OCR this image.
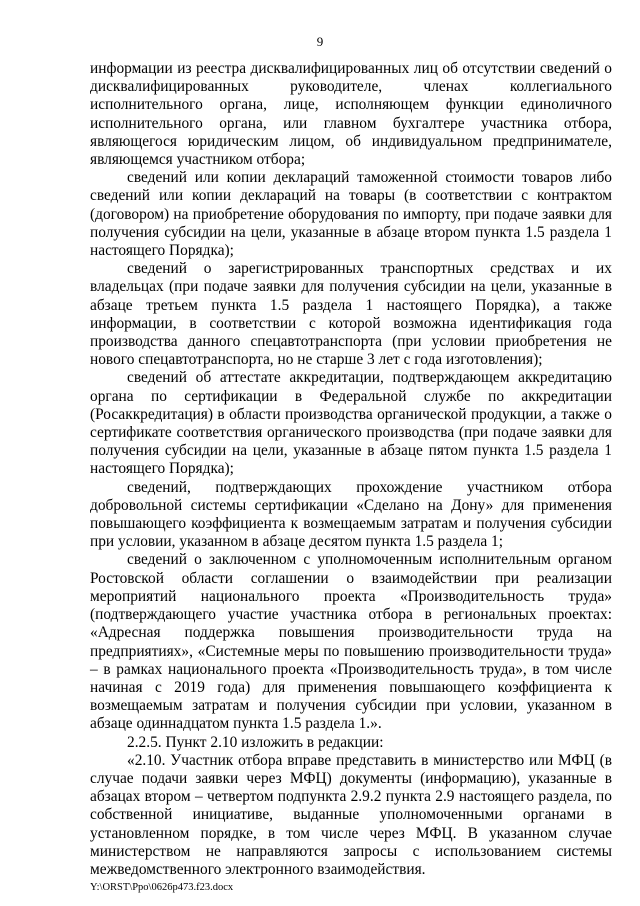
9

информации из реестра дисквалифицированных лиц об отсутствии сведений о дисквалифицированных руководителе, членах коллегиального исполнительного органа, лице, исполняющем функции единоличного исполнительного органа, или главном бухгалтере участника отбора, являющегося юридическим лицом, об индивидуальном предпринимателе, являющемся участником отбора;

сведений или копии деклараций таможенной стоимости товаров либо сведений или копии деклараций на товары (в соответствии с контрактом (договором) на приобретение оборудования по импорту, при подаче заявки для получения субсидии на цели, указанные в абзаце втором пункта 1.5 раздела 1 настоящего Порядка);

сведений о зарегистрированных транспортных средствах и их владельцах (при подаче заявки для получения субсидии на цели, указанные в абзаце третьем пункта 1.5 раздела 1 настоящего Порядка), а также информации, в соответствии с которой возможна идентификация года производства данного спецавтотранспорта (при условии приобретения не нового спецавтотранспорта, но не старше 3 лет с года изготовления);

сведений об аттестате аккредитации, подтверждающем аккредитацию органа по сертификации в Федеральной службе по аккредитации (Росаккредитация) в области производства органической продукции, а также о сертификате соответствия органического производства (при подаче заявки для получения субсидии на цели, указанные в абзаце пятом пункта 1.5 раздела 1 настоящего Порядка);

сведений, подтверждающих прохождение участником отбора добровольной системы сертификации «Сделано на Дону» для применения повышающего коэффициента к возмещаемым затратам и получения субсидии при условии, указанном в абзаце десятом пункта 1.5 раздела 1;

сведений о заключенном с уполномоченным исполнительным органом Ростовской области соглашении о взаимодействии при реализации мероприятий национального проекта «Производительность труда» (подтверждающего участие участника отбора в региональных проектах: «Адресная поддержка повышения производительности труда на предприятиях», «Системные меры по повышению производительности труда» – в рамках национального проекта «Производительность труда», в том числе начиная с 2019 года) для применения повышающего коэффициента к возмещаемым затратам и получения субсидии при условии, указанном в абзаце одиннадцатом пункта 1.5 раздела 1.».

2.2.5. Пункт 2.10 изложить в редакции:

«2.10. Участник отбора вправе представить в министерство или МФЦ (в случае подачи заявки через МФЦ) документы (информацию), указанные в абзацах втором – четвертом подпункта 2.9.2 пункта 2.9 настоящего раздела, по собственной инициативе, выданные уполномоченными органами в установленном порядке, в том числе через МФЦ. В указанном случае министерством не направляются запросы с использованием системы межведомственного электронного взаимодействия.

Y:\ORST\Ppo\0626p473.f23.docx
